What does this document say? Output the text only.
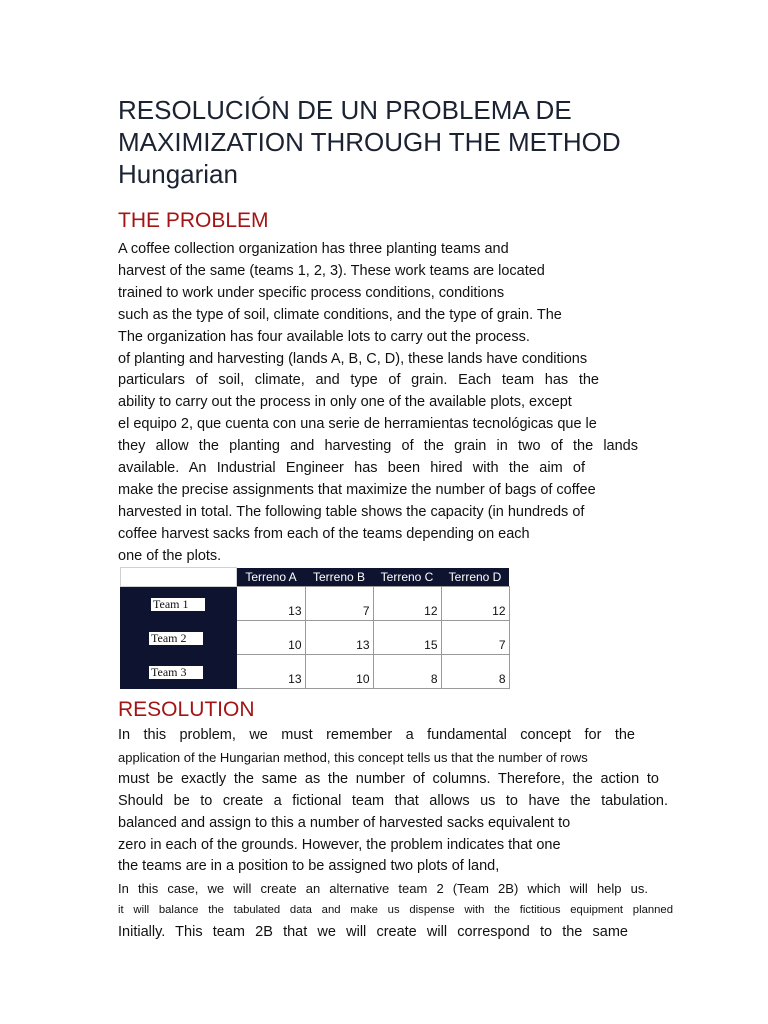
RESOLUCIÓN DE UN PROBLEMA DE
MAXIMIZATION THROUGH THE METHOD
Hungarian
THE PROBLEM
A coffee collection organization has three planting teams and
harvest of the same (teams 1, 2, 3). These work teams are located
trained to work under specific process conditions, conditions
such as the type of soil, climate conditions, and the type of grain. The
The organization has four available lots to carry out the process.
of planting and harvesting (lands A, B, C, D), these lands have conditions
particulars of soil, climate, and type of grain. Each team has the
ability to carry out the process in only one of the available plots, except
el equipo 2, que cuenta con una serie de herramientas tecnológicas que le
they allow the planting and harvesting of the grain in two of the lands
available. An Industrial Engineer has been hired with the aim of
make the precise assignments that maximize the number of bags of coffee
harvested in total. The following table shows the capacity (in hundreds of
coffee harvest sacks from each of the teams depending on each
one of the plots.
RESOLUTION
In this problem, we must remember a fundamental concept for the
application of the Hungarian method, this concept tells us that the number of rows
must be exactly the same as the number of columns. Therefore, the action to
Should be to create a fictional team that allows us to have the tabulation.
balanced and assign to this a number of harvested sacks equivalent to
zero in each of the grounds. However, the problem indicates that one
the teams are in a position to be assigned two plots of land,
In this case, we will create an alternative team 2 (Team 2B) which will help us.
it will balance the tabulated data and make us dispense with the fictitious equipment planned
Initially. This team 2B that we will create will correspond to the same
	Terreno A	Terreno B	Terreno C	Terreno D
Team 1	13	7	12	12
Team 2	10	13	15	7
Team 3	13	10	8	8
